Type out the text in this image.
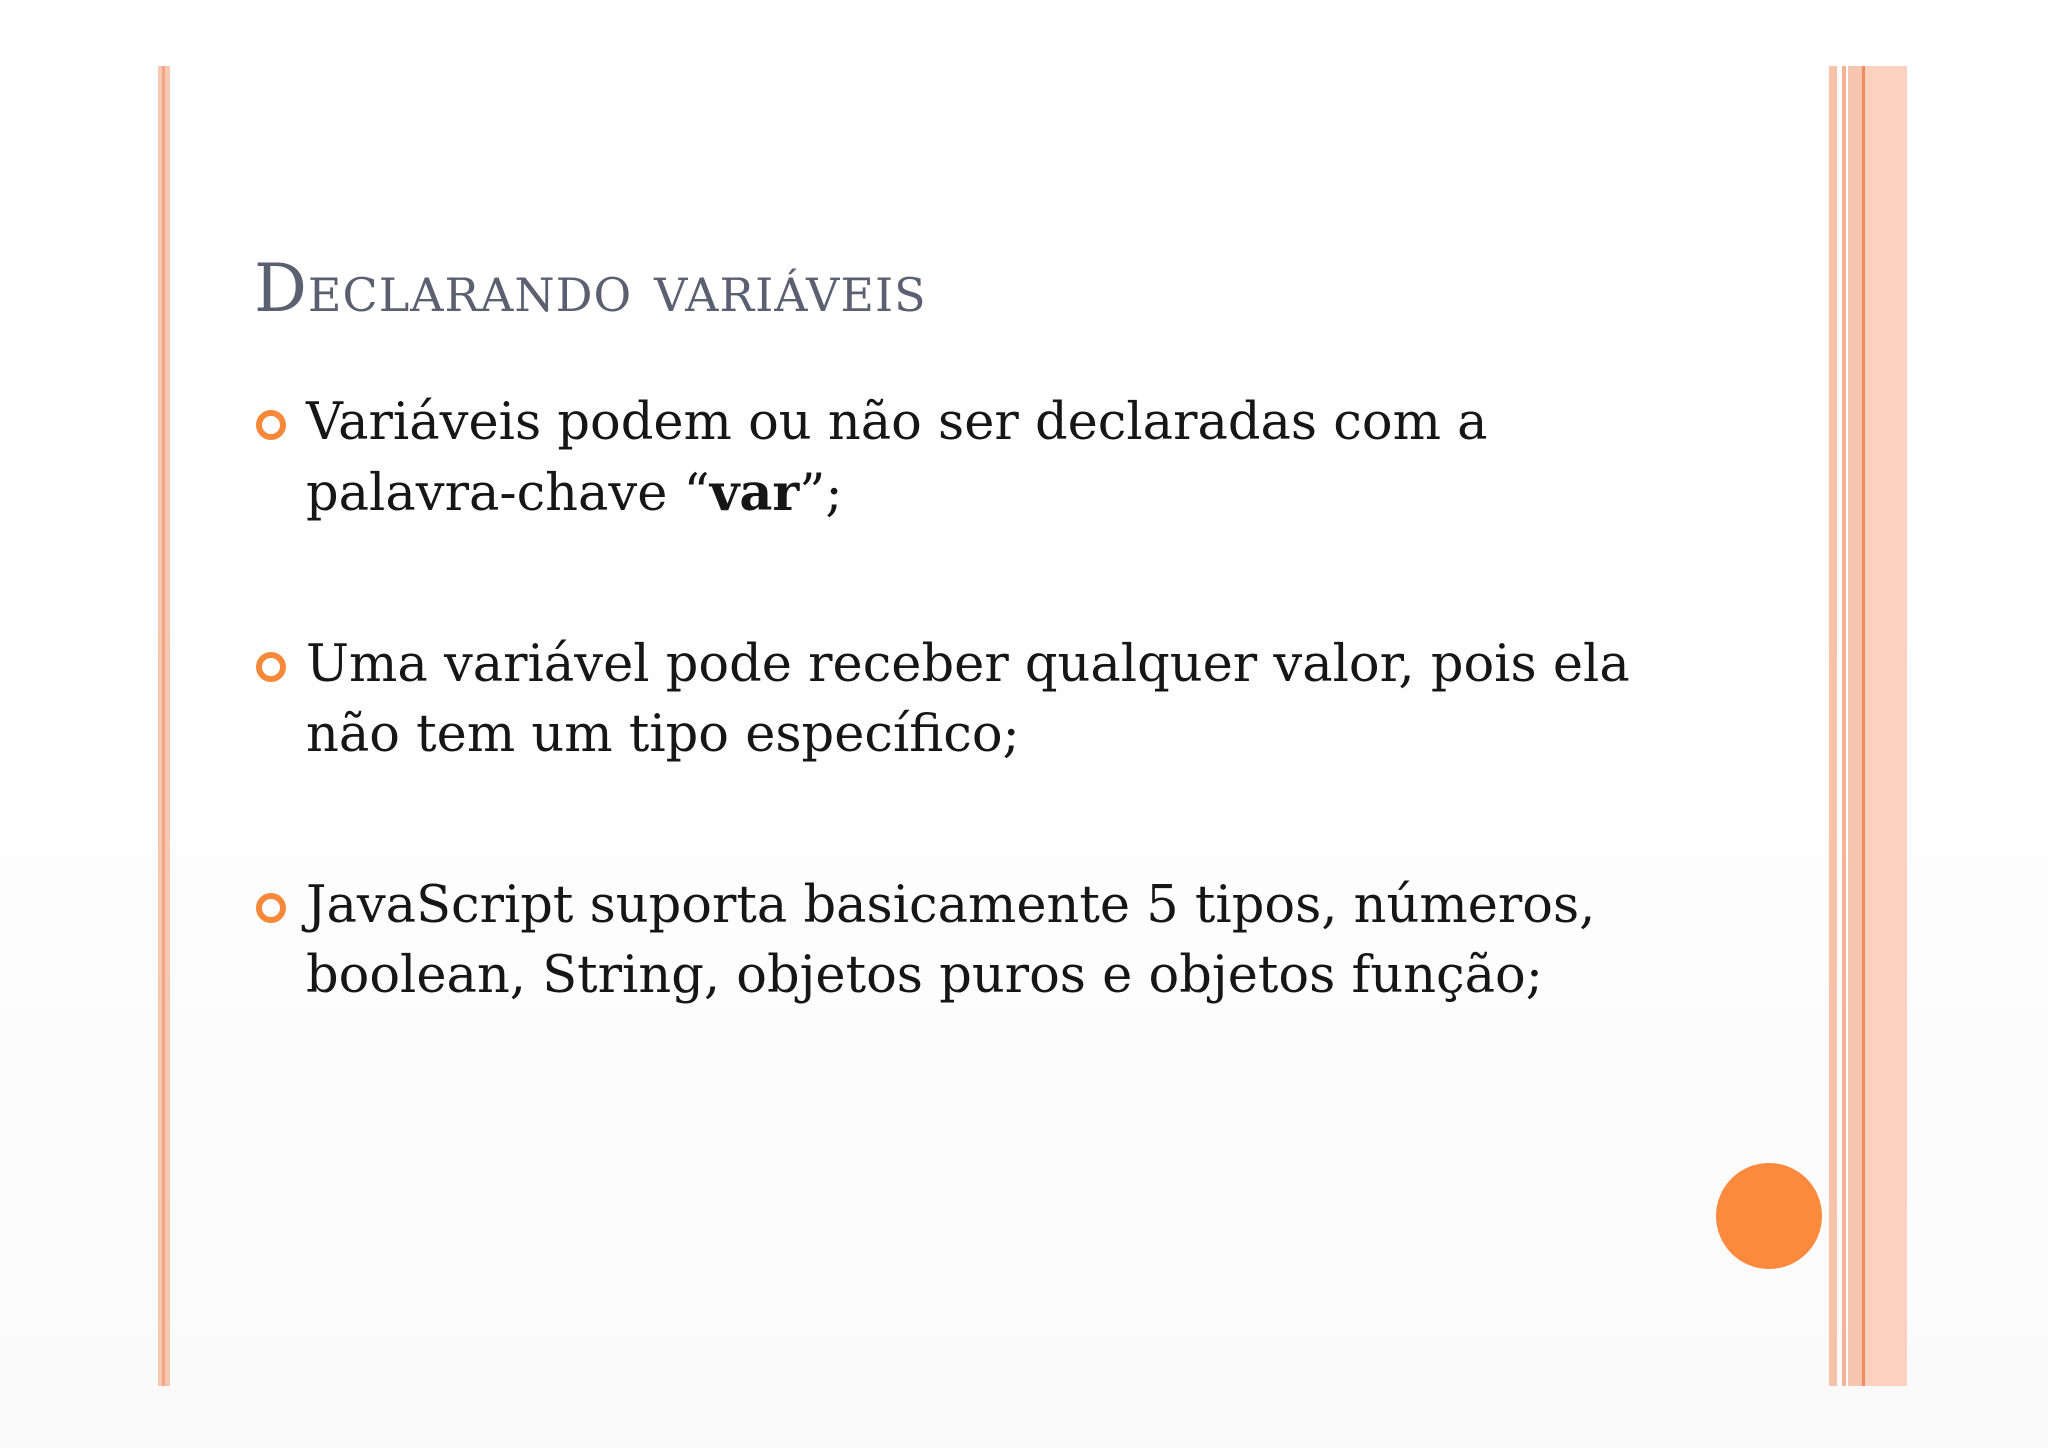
Declarando variáveis
Variáveis podem ou não ser declaradas com a palavra-chave “var”;
Uma variável pode receber qualquer valor, pois ela não tem um tipo específico;
JavaScript suporta basicamente 5 tipos, números, boolean, String, objetos puros e objetos função;
